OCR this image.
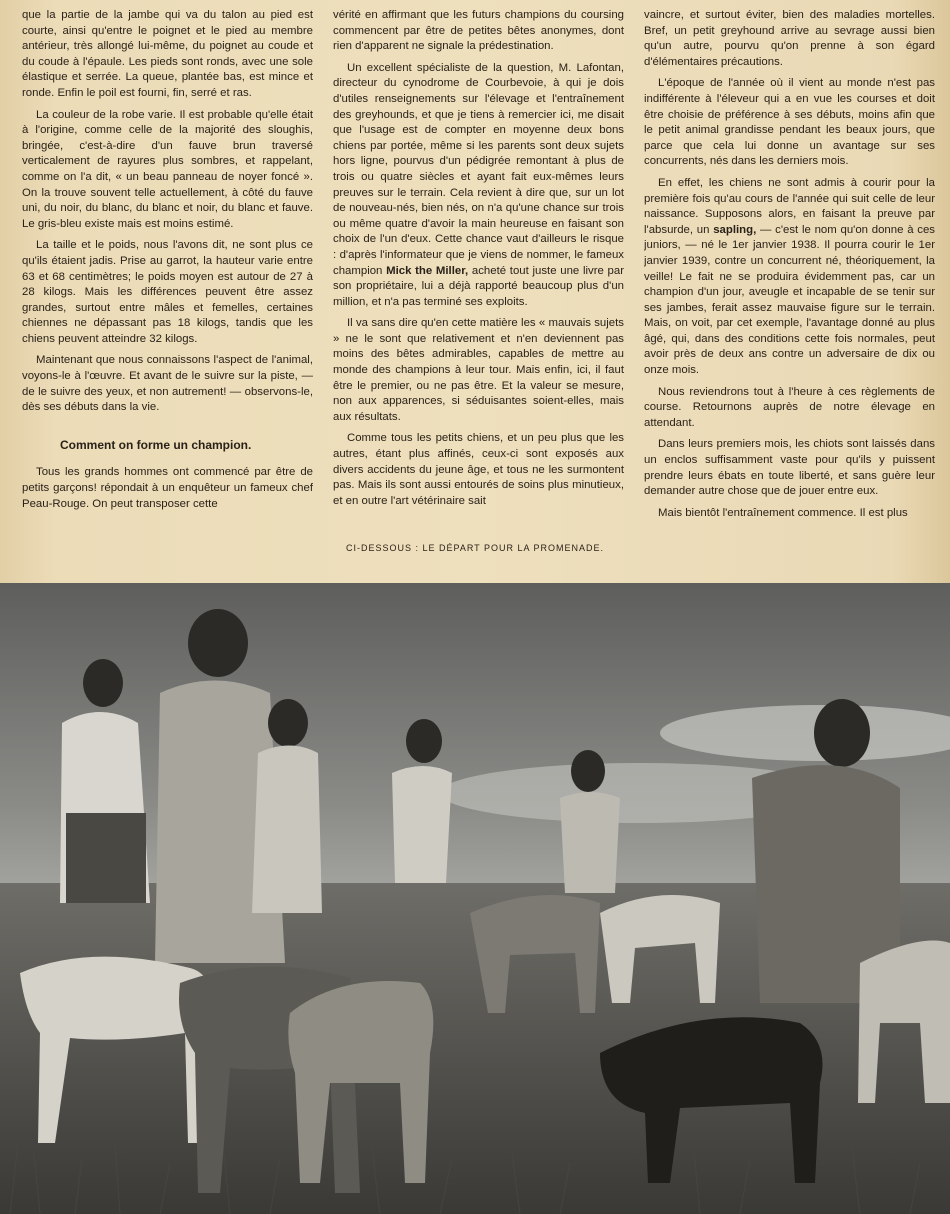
que la partie de la jambe qui va du talon au pied est courte, ainsi qu'entre le poignet et le pied au membre antérieur, très allongé lui-même, du poignet au coude et du coude à l'épaule. Les pieds sont ronds, avec une sole élastique et serrée. La queue, plantée bas, est mince et ronde. Enfin le poil est fourni, fin, serré et ras.

La couleur de la robe varie. Il est probable qu'elle était à l'origine, comme celle de la majorité des sloughis, bringée, c'est-à-dire d'un fauve brun traversé verticalement de rayures plus sombres, et rappelant, comme on l'a dit, « un beau panneau de noyer foncé ». On la trouve souvent telle actuellement, à côté du fauve uni, du noir, du blanc, du blanc et noir, du blanc et fauve. Le gris-bleu existe mais est moins estimé.

La taille et le poids, nous l'avons dit, ne sont plus ce qu'ils étaient jadis. Prise au garrot, la hauteur varie entre 63 et 68 centimètres; le poids moyen est autour de 27 à 28 kilogs. Mais les différences peuvent être assez grandes, surtout entre mâles et femelles, certaines chiennes ne dépassant pas 18 kilogs, tandis que les chiens peuvent atteindre 32 kilogs.

Maintenant que nous connaissons l'aspect de l'animal, voyons-le à l'œuvre. Et avant de le suivre sur la piste, — de le suivre des yeux, et non autrement! — observons-le, dès ses débuts dans la vie.

Comment on forme un champion.

Tous les grands hommes ont commencé par être de petits garçons! répondait à un enquêteur un fameux chef Peau-Rouge. On peut transposer cette

vérité en affirmant que les futurs champions du coursing commencent par être de petites bêtes anonymes, dont rien d'apparent ne signale la prédestination.

Un excellent spécialiste de la question, M. Lafontan, directeur du cynodrome de Courbevoie, à qui je dois d'utiles renseignements sur l'élevage et l'entraînement des greyhounds, et que je tiens à remercier ici, me disait que l'usage est de compter en moyenne deux bons chiens par portée, même si les parents sont deux sujets hors ligne, pourvus d'un pédigrée remontant à plus de trois ou quatre siècles et ayant fait eux-mêmes leurs preuves sur le terrain. Cela revient à dire que, sur un lot de nouveau-nés, bien nés, on n'a qu'une chance sur trois ou même quatre d'avoir la main heureuse en faisant son choix de l'un d'eux. Cette chance vaut d'ailleurs le risque : d'après l'informateur que je viens de nommer, le fameux champion Mick the Miller, acheté tout juste une livre par son propriétaire, lui a déjà rapporté beaucoup plus d'un million, et n'a pas terminé ses exploits.

Il va sans dire qu'en cette matière les « mauvais sujets » ne le sont que relativement et n'en deviennent pas moins des bêtes admirables, capables de mettre au monde des champions à leur tour. Mais enfin, ici, il faut être le premier, ou ne pas être. Et la valeur se mesure, non aux apparences, si séduisantes soient-elles, mais aux résultats.

Comme tous les petits chiens, et un peu plus que les autres, étant plus affinés, ceux-ci sont exposés aux divers accidents du jeune âge, et tous ne les surmontent pas. Mais ils sont aussi entourés de soins plus minutieux, et en outre l'art vétérinaire sait

vaincre, et surtout éviter, bien des maladies mortelles. Bref, un petit greyhound arrive au sevrage aussi bien qu'un autre, pourvu qu'on prenne à son égard d'élémentaires précautions.

L'époque de l'année où il vient au monde n'est pas indifférente à l'éleveur qui a en vue les courses et doit être choisie de préférence à ses débuts, moins afin que le petit animal grandisse pendant les beaux jours, que parce que cela lui donne un avantage sur ses concurrents, nés dans les derniers mois.

En effet, les chiens ne sont admis à courir pour la première fois qu'au cours de l'année qui suit celle de leur naissance. Supposons alors, en faisant la preuve par l'absurde, un sapling, — c'est le nom qu'on donne à ces juniors, — né le 1er janvier 1938. Il pourra courir le 1er janvier 1939, contre un concurrent né, théoriquement, la veille! Le fait ne se produira évidemment pas, car un champion d'un jour, aveugle et incapable de se tenir sur ses jambes, ferait assez mauvaise figure sur le terrain. Mais, on voit, par cet exemple, l'avantage donné au plus âgé, qui, dans des conditions cette fois normales, peut avoir près de deux ans contre un adversaire de dix ou onze mois.

Nous reviendrons tout à l'heure à ces règlements de course. Retournons auprès de notre élevage en attendant.

Dans leurs premiers mois, les chiots sont laissés dans un enclos suffisamment vaste pour qu'ils y puissent prendre leurs ébats en toute liberté, et sans guère leur demander autre chose que de jouer entre eux.

Mais bientôt l'entraînement commence. Il est plus

CI-DESSOUS : LE DÉPART POUR LA PROMENADE.
